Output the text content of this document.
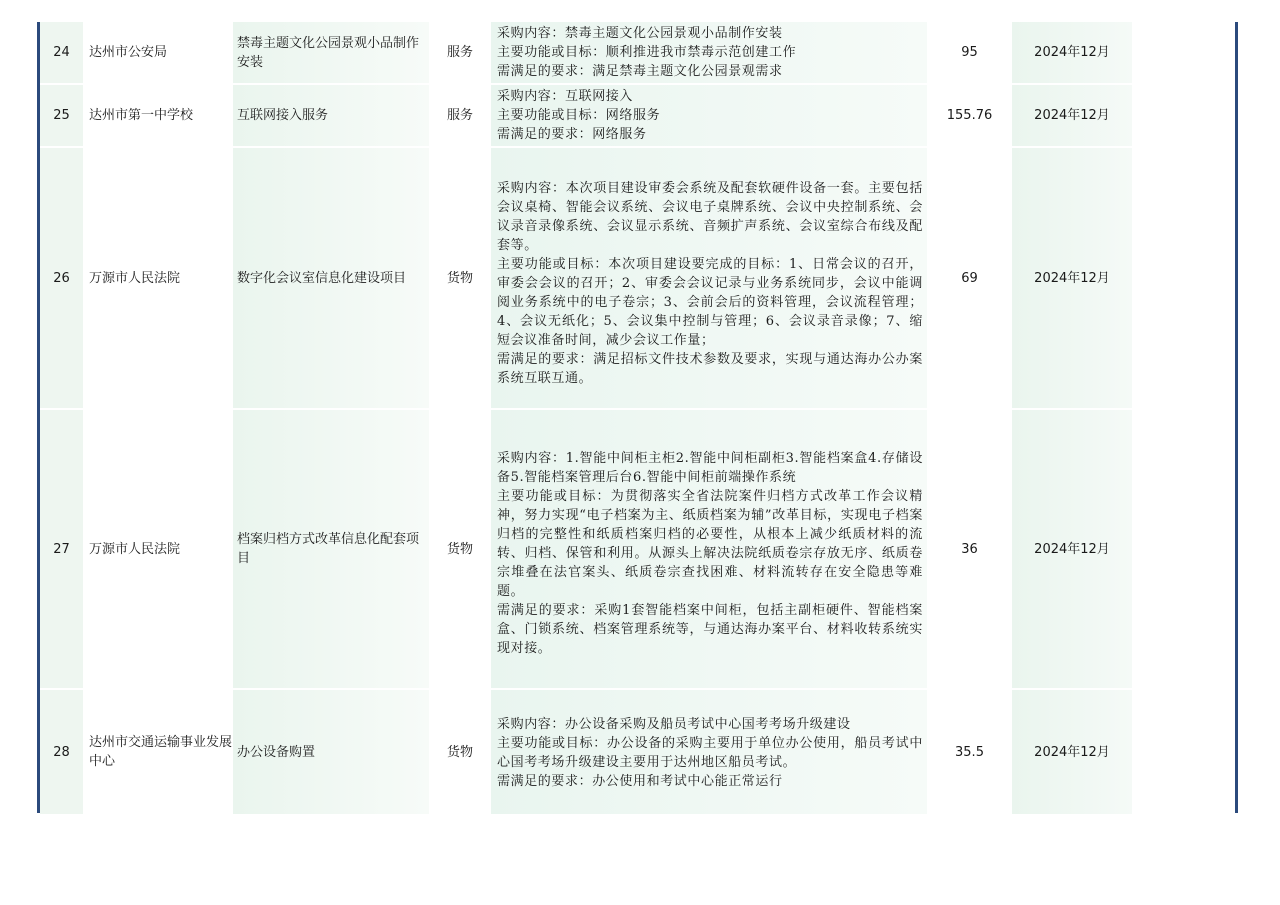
24	达州市公安局	禁毒主题文化公园景观小品制作安装	服务	采购内容：禁毒主题文化公园景观小品制作安装
主要功能或目标：顺利推进我市禁毒示范创建工作
需满足的要求：满足禁毒主题文化公园景观需求	95	2024年12月	
25	达州市第一中学校	互联网接入服务	服务	采购内容：互联网接入
主要功能或目标：网络服务
需满足的要求：网络服务	155.76	2024年12月	
26	万源市人民法院	数字化会议室信息化建设项目	货物	采购内容：本次项目建设审委会系统及配套软硬件设备一套。主要包括会议桌椅、智能会议系统、会议电子桌牌系统、会议中央控制系统、会议录音录像系统、会议显示系统、音频扩声系统、会议室综合布线及配套等。
主要功能或目标：本次项目建设要完成的目标：1、日常会议的召开，审委会会议的召开；2、审委会会议记录与业务系统同步，会议中能调阅业务系统中的电子卷宗；3、会前会后的资料管理，会议流程管理；4、会议无纸化；5、会议集中控制与管理；6、会议录音录像；7、缩短会议准备时间，减少会议工作量；
需满足的要求：满足招标文件技术参数及要求，实现与通达海办公办案系统互联互通。	69	2024年12月	
27	万源市人民法院	档案归档方式改革信息化配套项目	货物	采购内容：1.智能中间柜主柜2.智能中间柜副柜3.智能档案盒4.存储设备5.智能档案管理后台6.智能中间柜前端操作系统
主要功能或目标：为贯彻落实全省法院案件归档方式改革工作会议精神，努力实现“电子档案为主、纸质档案为辅”改革目标，实现电子档案归档的完整性和纸质档案归档的必要性，从根本上减少纸质材料的流转、归档、保管和利用。从源头上解决法院纸质卷宗存放无序、纸质卷宗堆叠在法官案头、纸质卷宗查找困难、材料流转存在安全隐患等难题。
需满足的要求：采购1套智能档案中间柜，包括主副柜硬件、智能档案盒、门锁系统、档案管理系统等，与通达海办案平台、材料收转系统实现对接。	36	2024年12月	
28	达州市交通运输事业发展中心	办公设备购置	货物	采购内容：办公设备采购及船员考试中心国考考场升级建设
主要功能或目标：办公设备的采购主要用于单位办公使用，船员考试中心国考考场升级建设主要用于达州地区船员考试。
需满足的要求：办公使用和考试中心能正常运行	35.5	2024年12月	
